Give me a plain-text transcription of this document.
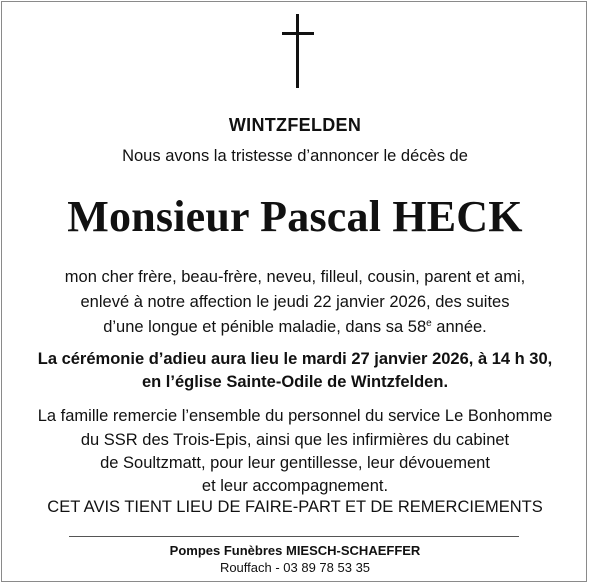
WINTZFELDEN
Nous avons la tristesse d’annoncer le décès de
Monsieur Pascal HECK
mon cher frère, beau-frère, neveu, filleul, cousin, parent et ami,
enlevé à notre affection le jeudi 22 janvier 2026, des suites
d’une longue et pénible maladie, dans sa 58e année.
La cérémonie d’adieu aura lieu le mardi 27 janvier 2026, à 14 h 30,
en l’église Sainte-Odile de Wintzfelden.
La famille remercie l’ensemble du personnel du service Le Bonhomme
du SSR des Trois-Epis, ainsi que les infirmières du cabinet
de Soultzmatt, pour leur gentillesse, leur dévouement
et leur accompagnement.
CET AVIS TIENT LIEU DE FAIRE-PART ET DE REMERCIEMENTS
Pompes Funèbres MIESCH-SCHAEFFER
Rouffach - 03 89 78 53 35
